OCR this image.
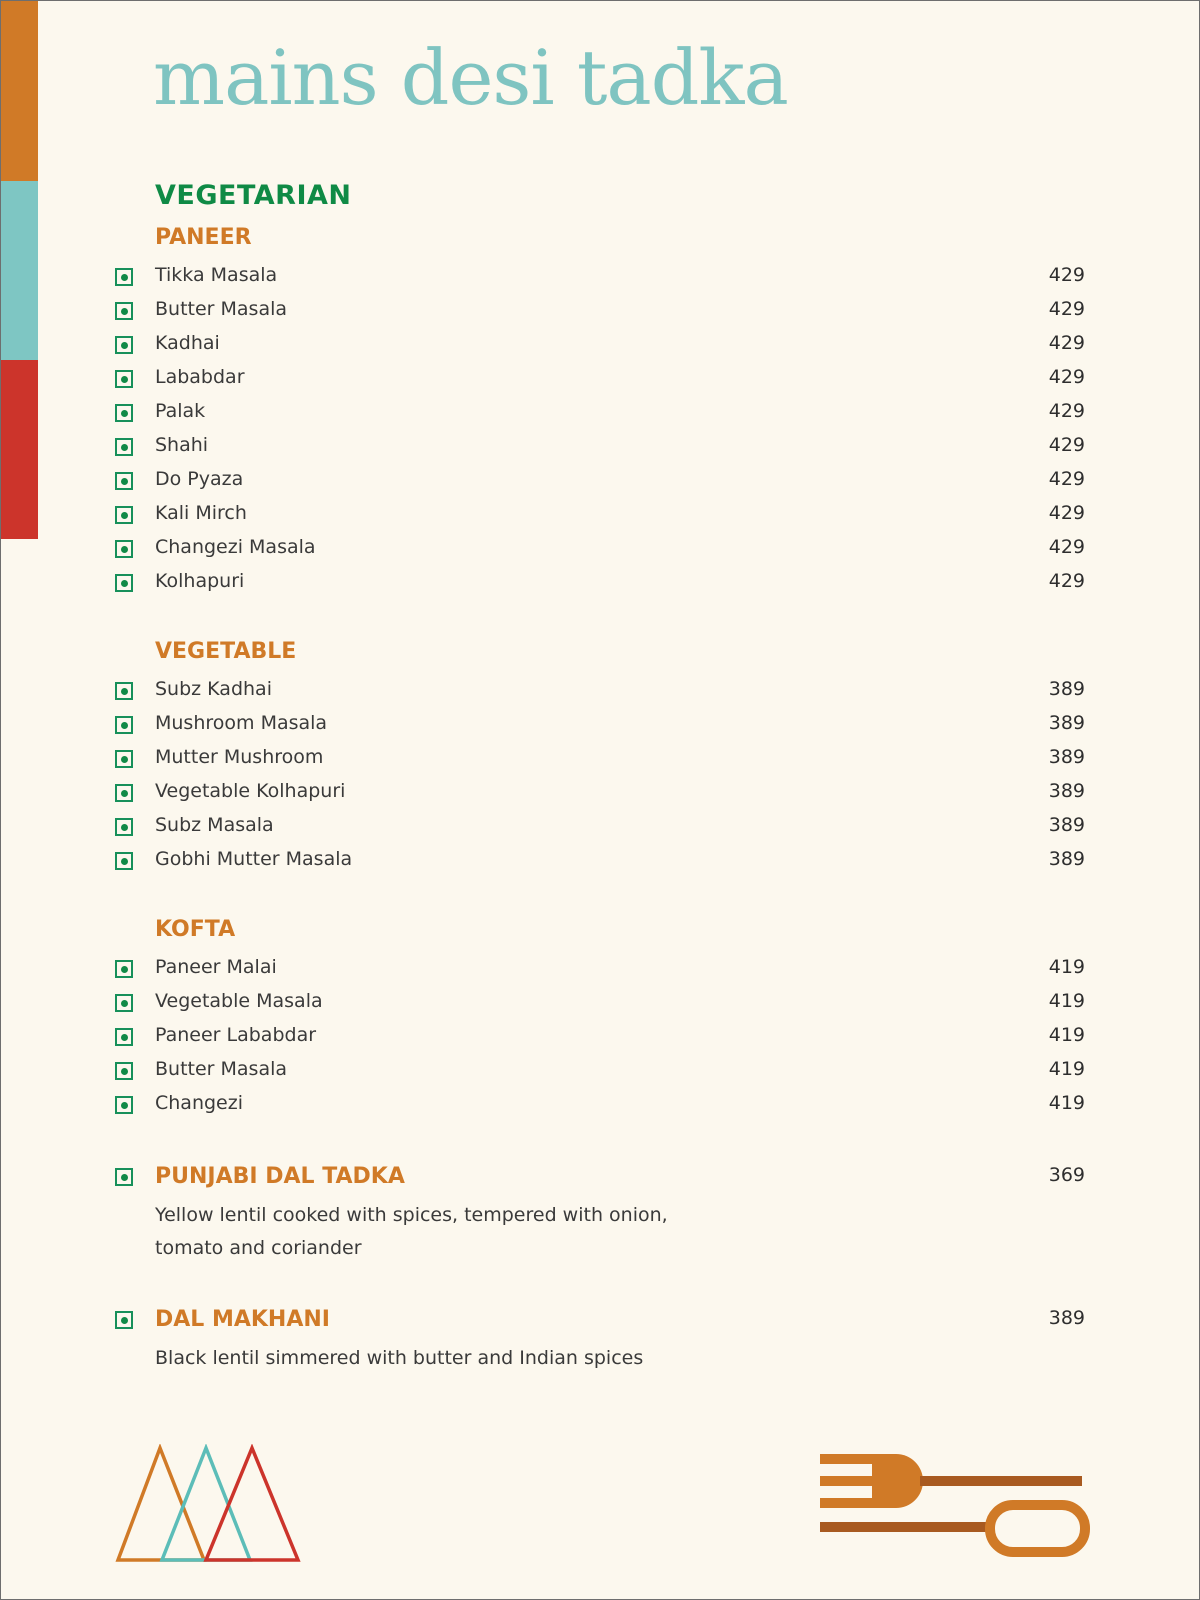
mains desi tadka
VEGETARIAN
PANEER
Tikka Masala	429
Butter Masala	429
Kadhai	429
Lababdar	429
Palak	429
Shahi	429
Do Pyaza	429
Kali Mirch	429
Changezi Masala	429
Kolhapuri	429
VEGETABLE
Subz Kadhai	389
Mushroom Masala	389
Mutter Mushroom	389
Vegetable Kolhapuri	389
Subz Masala	389
Gobhi Mutter Masala	389
KOFTA
Paneer Malai	419
Vegetable Masala	419
Paneer Lababdar	419
Butter Masala	419
Changezi	419
PUNJABI DAL TADKA	369
Yellow lentil cooked with spices, tempered with onion,
tomato and coriander
DAL MAKHANI	389
Black lentil simmered with butter and Indian spices
